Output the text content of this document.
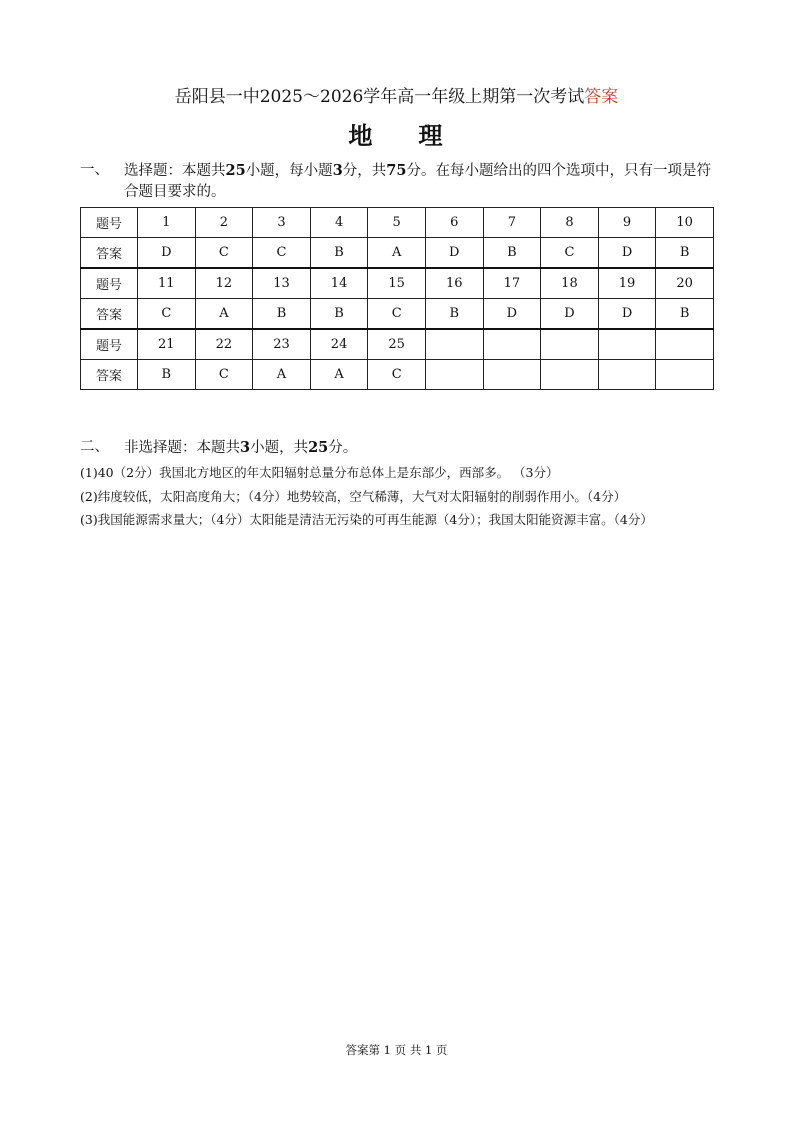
岳阳县一中2025～2026学年高一年级上期第一次考试答案
地 理
一、	选择题：本题共25小题，每小题3分，共75分。在每小题给出的四个选项中，只有一项是符合题目要求的。
题号	1	2	3	4	5	6	7	8	9	10
答案	D	C	C	B	A	D	B	C	D	B
题号	11	12	13	14	15	16	17	18	19	20
答案	C	A	B	B	C	B	D	D	D	B
题号	21	22	23	24	25					
答案	B	C	A	A	C					
二、	非选择题：本题共3小题，共25分。
(1)40（2分）我国北方地区的年太阳辐射总量分布总体上是东部少，西部多。 （3分）
(2)纬度较低，太阳高度角大；（4分）地势较高，空气稀薄，大气对太阳辐射的削弱作用小。（4分）
(3)我国能源需求量大；（4分）太阳能是清洁无污染的可再生能源（4分）；我国太阳能资源丰富。（4分）
答案第 1 页 共 1 页
